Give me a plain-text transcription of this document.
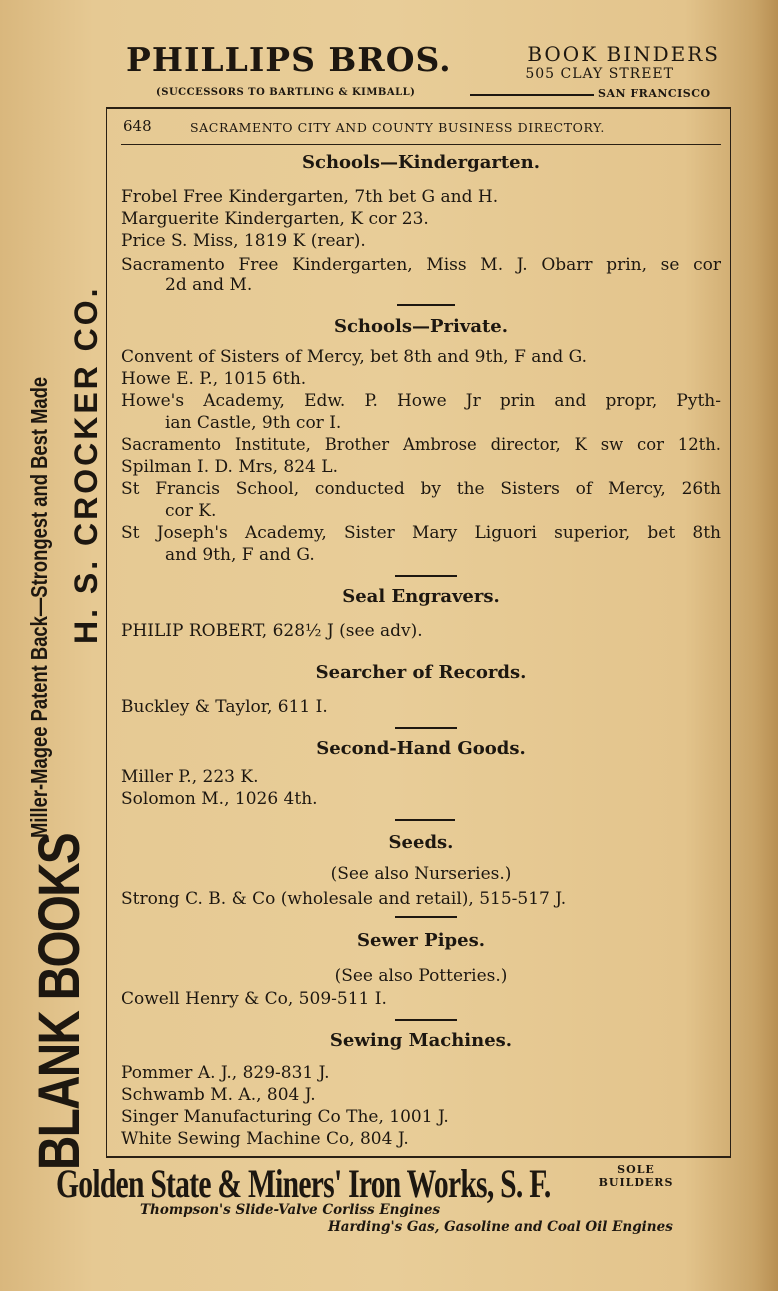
PHILLIPS BROS.	BOOK BINDERS
505 CLAY STREET
(SUCCESSORS TO BARTLING & KIMBALL)	SAN FRANCISCO
BLANK BOOKS
Miller-Magee Patent Back—Strongest and Best Made H. S. CROCKER CO.
648	SACRAMENTO CITY AND COUNTY BUSINESS DIRECTORY.
Schools—Kindergarten.
Frobel Free Kindergarten, 7th bet G and H.
Marguerite Kindergarten, K cor 23.
Price S. Miss, 1819 K (rear).
Sacramento Free Kindergarten, Miss M. J. Obarr prin, se cor
2d and M.
Schools—Private.
Convent of Sisters of Mercy, bet 8th and 9th, F and G.
Howe E. P., 1015 6th.
Howe's Academy, Edw. P. Howe Jr prin and propr, Pyth-
ian Castle, 9th cor I.
Sacramento Institute, Brother Ambrose director, K sw cor 12th.
Spilman I. D. Mrs, 824 L.
St Francis School, conducted by the Sisters of Mercy, 26th
cor K.
St Joseph's Academy, Sister Mary Liguori superior, bet 8th
and 9th, F and G.
Seal Engravers.
PHILIP ROBERT, 628½ J (see adv).
Searcher of Records.
Buckley & Taylor, 611 I.
Second-Hand Goods.
Miller P., 223 K.
Solomon M., 1026 4th.
Seeds.
(See also Nurseries.)
Strong C. B. & Co (wholesale and retail), 515-517 J.
Sewer Pipes.
(See also Potteries.)
Cowell Henry & Co, 509-511 I.
Sewing Machines.
Pommer A. J., 829-831 J.
Schwamb M. A., 804 J.
Singer Manufacturing Co The, 1001 J.
White Sewing Machine Co, 804 J.
Golden State & Miners' Iron Works, S. F.	SOLE
BUILDERS
Thompson's Slide-Valve Corliss Engines
Harding's Gas, Gasoline and Coal Oil Engines
